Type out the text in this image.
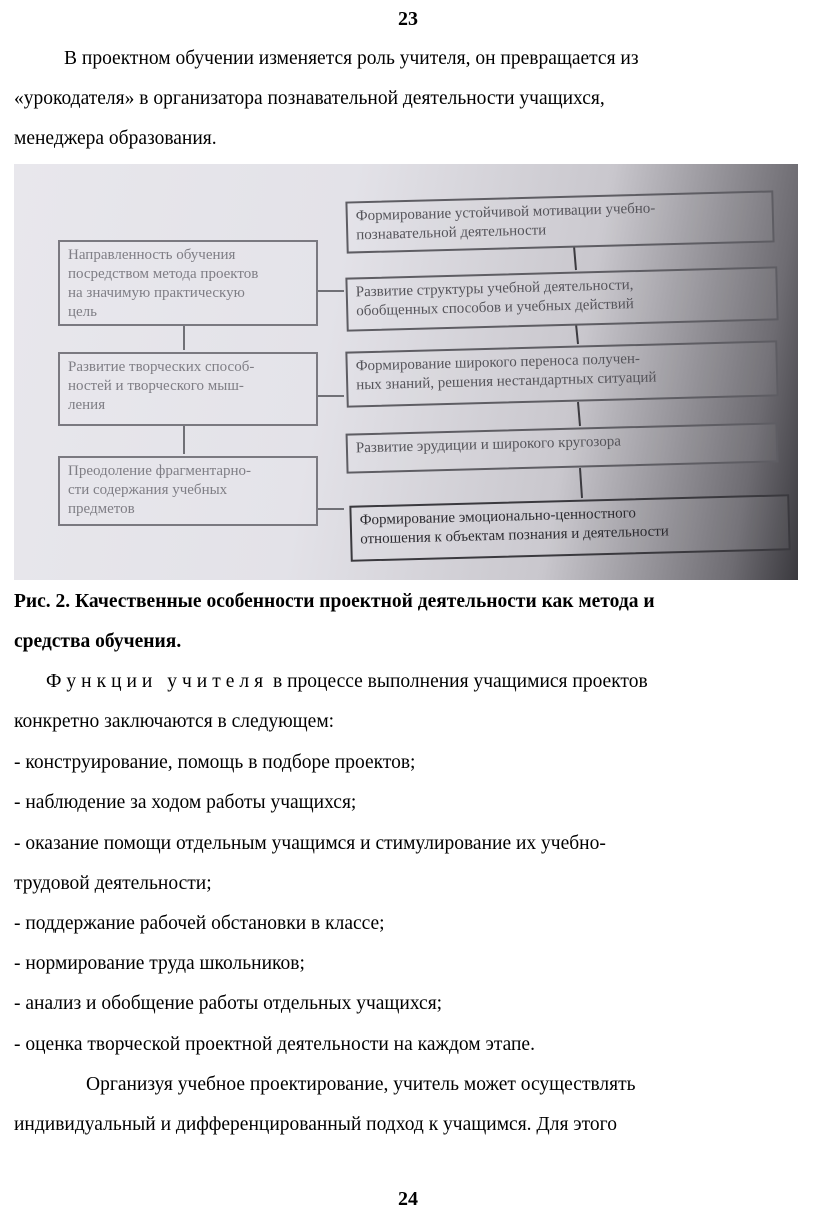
23
В проектном обучении изменяется роль учителя, он превращается из
«урокодателя» в организатора познавательной деятельности учащихся,
менеджера образования.
Направленность обучения
посредством метода проектов
на значимую практическую
цель
Развитие творческих способ-
ностей и творческого мыш-
ления
Преодоление фрагментарно-
сти содержания учебных
предметов
Формирование устойчивой мотивации учебно-
познавательной деятельности
Развитие структуры учебной деятельности,
обобщенных способов и учебных действий
Формирование широкого переноса получен-
ных знаний, решения нестандартных ситуаций
Развитие эрудиции и широкого кругозора
Формирование эмоционально-ценностного
отношения к объектам познания и деятельности
Рис. 2. Качественные особенности проектной деятельности как метода и
средства обучения.
Функции учителя в процессе выполнения учащимися проектов
конкретно заключаются в следующем:
- конструирование, помощь в подборе проектов;
- наблюдение за ходом работы учащихся;
- оказание помощи отдельным учащимся и стимулирование их учебно-
трудовой деятельности;
- поддержание рабочей обстановки в классе;
- нормирование труда школьников;
- анализ и обобщение работы отдельных учащихся;
- оценка творческой проектной деятельности на каждом этапе.
Организуя учебное проектирование, учитель может осуществлять
индивидуальный и дифференцированный подход к учащимся. Для этого
24
